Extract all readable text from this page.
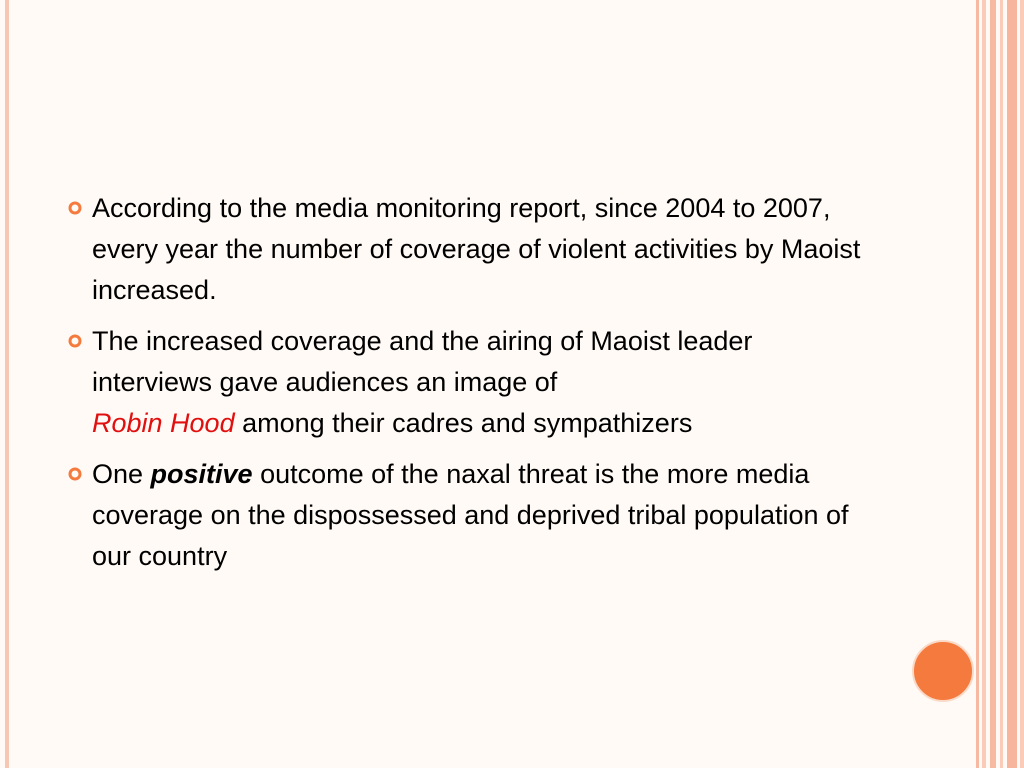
According to the media monitoring report, since 2004 to 2007, every year the number of coverage of violent activities by Maoist increased.
The increased coverage and the airing of Maoist leader interviews gave audiences an image of
Robin Hood among their cadres and sympathizers
One positive outcome of the naxal threat is the more media coverage on the dispossessed and deprived tribal population of our country
